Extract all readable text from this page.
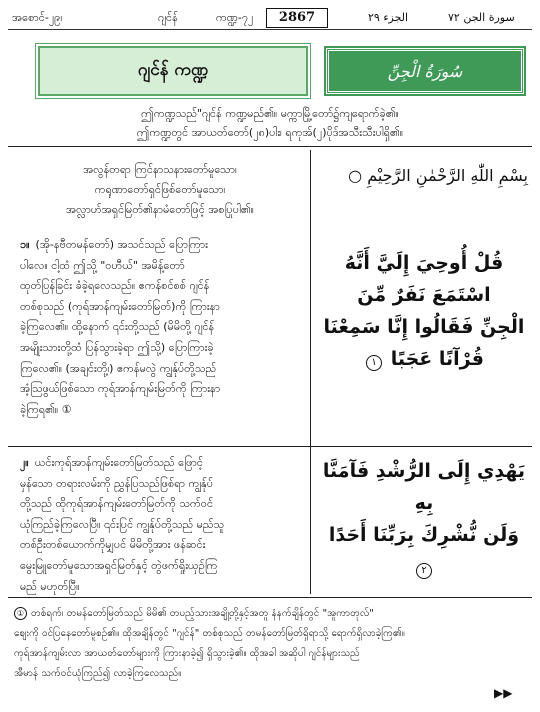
အစောင်-၂၉၊	ဂျင်န်	ကဏ္ဍ-၇၂	2867	الجزء ٢٩	سورة الجن ٧٢
ဂျင်န် ကဏ္ဍ	سُورَةُ الْجِنِّ
ဤကဏ္ဍသည်"ဂျင်န် ကဏ္ဍမည်၏။ မက္ကာမြို့တော်၌ကျရောက်ခဲ့၏။
ဤကဏ္ဍတွင် အာယတ်တော်(၂၈)ပါး၊ ရကုအ်(၂)ပိုဒ်အသီးသီးပါရှိ၏။
အလွန်တရာ ကြင်နာသနားတော်မူသော၊
ကရုဏာတော်ရှင်ဖြစ်တော်မူသော၊
အလ္လာဟ်အရှင်မြတ်၏နာမံတော်ဖြင့် အစပြုပါ၏။
بِسْمِ اللّٰهِ الرَّحْمٰنِ الرَّحِيْمِ ○
၁။ (အို-နဗီတမန်တော်) အသင်သည် ပြောကြား
ပါလေ။ ငါ့ထံ ဤသို့ "ဝဟီယ်" အမိန့်တော်
ထုတ်ပြန်ခြင်း ခံခဲ့ရလေသည်။ ဧကန်စင်စစ် ဂျင်န်
တစ်စုသည် (ကုရ်အာန်ကျမ်းတော်မြတ်)ကို ကြားနာ
ခဲ့ကြလေ၏။ ထို့နောက် ၎င်းတို့သည် (မိမိတို့ ဂျင်န်
အမျိုးသားတို့ထံ ပြန်သွားခဲ့ရာ ဤသို့) ပြောကြားခဲ့
ကြလေ၏။ (အချင်းတို့၊) ဧကန်မလွဲ ကျွန်ုပ်တို့သည်
အံ့သြဖွယ်ဖြစ်သော ကုရ်အာန်ကျမ်းမြတ်ကို ကြားနာ
ခဲ့ကြရ၏။ ①
قُلْ أُوحِيَ إِلَيَّ أَنَّهُ اسْتَمَعَ نَفَرٌ مِّنَ
الْجِنِّ فَقَالُوا إِنَّا سَمِعْنَا قُرْآنًا عَجَبًا ١
၂။ ယင်းကုရ်အာန်ကျမ်းတော်မြတ်သည် ဖြောင့်
မှန်သော တရားလမ်းကို ညွှန်ပြသည်ဖြစ်ရာ ကျွန်ုပ်
တို့သည် ထိုကုရ်အာန်ကျမ်းတော်မြတ်ကို သက်ဝင်
ယုံကြည်ခဲ့ကြလေပြီ။ ၎င်းပြင် ကျွန်ုပ်တို့သည် မည်သူ
တစ်ဦးတစ်ယောက်ကိုမျှပင် မိမိတို့အား ဖန်ဆင်း
မွေးမြူတော်မူသောအရှင်မြတ်နှင့် တွဲဖက်ရှိုးယှဉ်ကြ
မည် မဟုတ်ပြီ။
يَهْدِي إِلَى الرُّشْدِ فَآمَنَّا بِهِ
وَلَن نُّشْرِكَ بِرَبِّنَا أَحَدًا ٢
① တစ်ရက်၊ တမန်တော်မြတ်သည် မိမိ၏ တပည့်သားအချို့တို့နှင့်အတူ နံနက်ချိန်တွင် "အူကာတုလ်"
ဈေးကို ဝင်ပြနေတော်မူစဉ်၏။ ထိုအချိန်တွင် "ဂျင်န်" တစ်စုသည် တမန်တော်မြတ်ရှိရာသို့ ရောက်ရှိလာခဲ့ကြ၏။
ကုရ်အာန်ကျမ်းလာ အာယတ်တော်များကို ကြားနာခဲ့၍ ရှိသွားခဲ့၏။ ထိုအခါ အဆိုပါ ဂျင်န်များသည်
အီမာန် သက်ဝင်ယုံကြည်၍ လာခဲ့ကြလေသည်။
▶▶
